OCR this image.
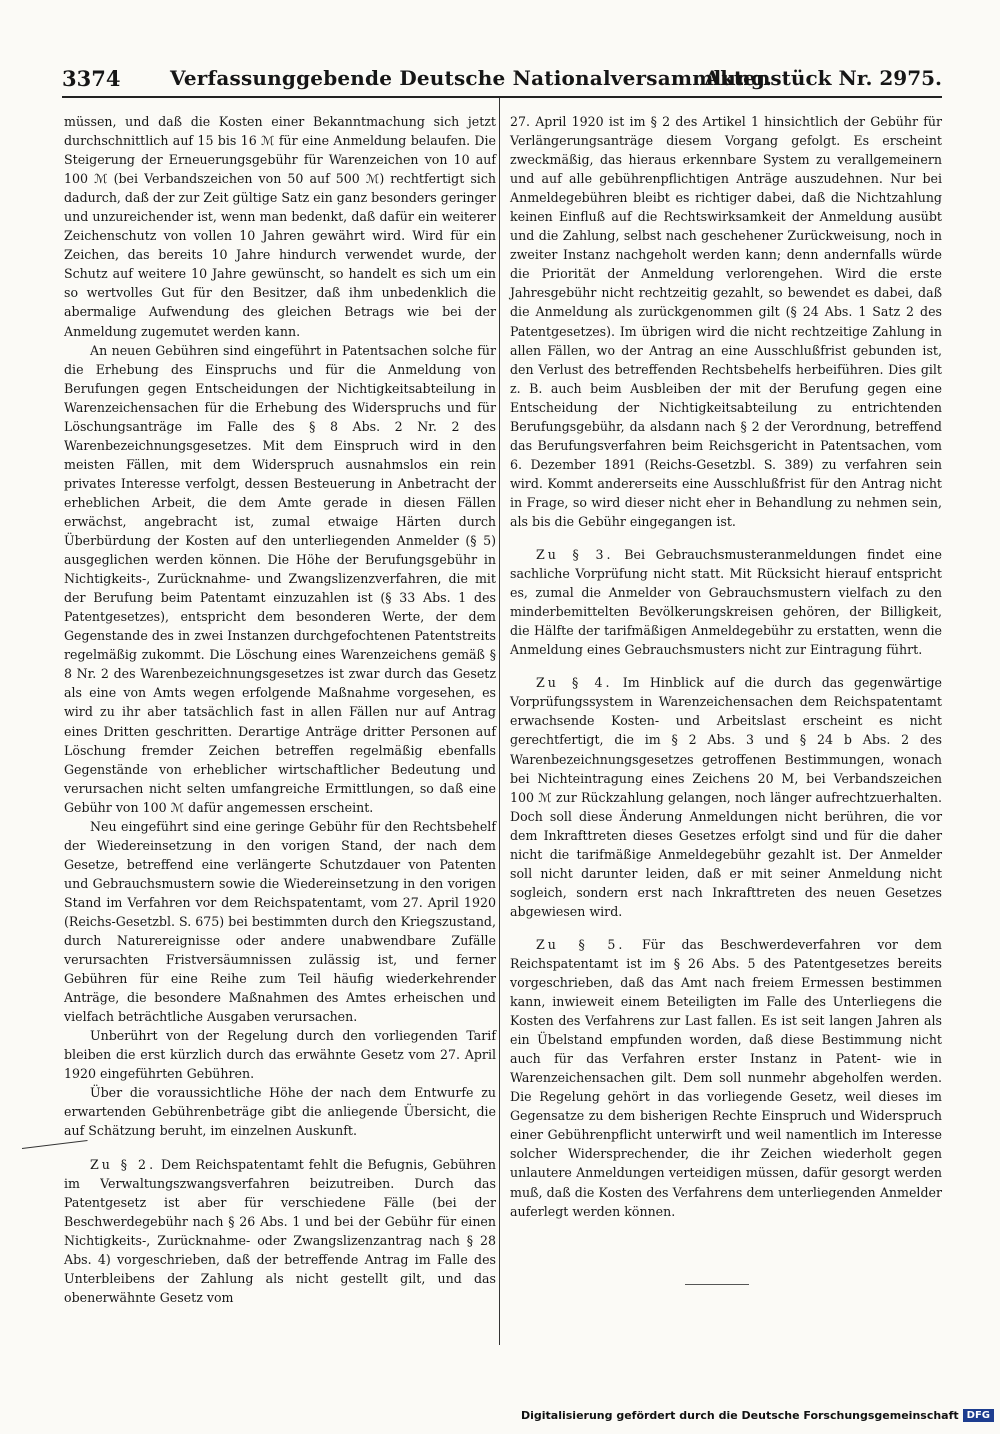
3374 Verfassunggebende Deutsche Nationalversammlung.
Aktenstück Nr. 2975.

müssen, und daß die Kosten einer Bekanntmachung sich jetzt durchschnittlich auf 15 bis 16 ℳ für eine Anmeldung belaufen. Die Steigerung der Erneuerungsgebühr für Warenzeichen von 10 auf 100 ℳ (bei Verbandszeichen von 50 auf 500 ℳ) rechtfertigt sich dadurch, daß der zur Zeit gültige Satz ein ganz besonders geringer und unzureichender ist, wenn man bedenkt, daß dafür ein weiterer Zeichenschutz von vollen 10 Jahren gewährt wird. Wird für ein Zeichen, das bereits 10 Jahre hindurch verwendet wurde, der Schutz auf weitere 10 Jahre gewünscht, so handelt es sich um ein so wertvolles Gut für den Besitzer, daß ihm unbedenklich die abermalige Aufwendung des gleichen Betrags wie bei der Anmeldung zugemutet werden kann.

An neuen Gebühren sind eingeführt in Patentsachen solche für die Erhebung des Einspruchs und für die Anmeldung von Berufungen gegen Entscheidungen der Nichtigkeitsabteilung in Warenzeichensachen für die Erhebung des Widerspruchs und für Löschungsanträge im Falle des § 8 Abs. 2 Nr. 2 des Warenbezeichnungsgesetzes. Mit dem Einspruch wird in den meisten Fällen, mit dem Widerspruch ausnahmslos ein rein privates Interesse verfolgt, dessen Besteuerung in Anbetracht der erheblichen Arbeit, die dem Amte gerade in diesen Fällen erwächst, angebracht ist, zumal etwaige Härten durch Überbürdung der Kosten auf den unterliegenden Anmelder (§ 5) ausgeglichen werden können. Die Höhe der Berufungsgebühr in Nichtigkeits-, Zurücknahme- und Zwangslizenzverfahren, die mit der Berufung beim Patentamt einzuzahlen ist (§ 33 Abs. 1 des Patentgesetzes), entspricht dem besonderen Werte, der dem Gegenstande des in zwei Instanzen durchgefochtenen Patentstreits regelmäßig zukommt. Die Löschung eines Warenzeichens gemäß § 8 Nr. 2 des Warenbezeichnungsgesetzes ist zwar durch das Gesetz als eine von Amts wegen erfolgende Maßnahme vorgesehen, es wird zu ihr aber tatsächlich fast in allen Fällen nur auf Antrag eines Dritten geschritten. Derartige Anträge dritter Personen auf Löschung fremder Zeichen betreffen regelmäßig ebenfalls Gegenstände von erheblicher wirtschaftlicher Bedeutung und verursachen nicht selten umfangreiche Ermittlungen, so daß eine Gebühr von 100 ℳ dafür angemessen erscheint.

Neu eingeführt sind eine geringe Gebühr für den Rechtsbehelf der Wiedereinsetzung in den vorigen Stand, der nach dem Gesetze, betreffend eine verlängerte Schutzdauer von Patenten und Gebrauchsmustern sowie die Wiedereinsetzung in den vorigen Stand im Verfahren vor dem Reichspatentamt, vom 27. April 1920 (Reichs-Gesetzbl. S. 675) bei bestimmten durch den Kriegszustand, durch Naturereignisse oder andere unabwendbare Zufälle verursachten Fristversäumnissen zulässig ist, und ferner Gebühren für eine Reihe zum Teil häufig wiederkehrender Anträge, die besondere Maßnahmen des Amtes erheischen und vielfach beträchtliche Ausgaben verursachen.

Unberührt von der Regelung durch den vorliegenden Tarif bleiben die erst kürzlich durch das erwähnte Gesetz vom 27. April 1920 eingeführten Gebühren.

Über die voraussichtliche Höhe der nach dem Entwurfe zu erwartenden Gebührenbeträge gibt die anliegende Übersicht, die auf Schätzung beruht, im einzelnen Auskunft.

Zu § 2. Dem Reichspatentamt fehlt die Befugnis, Gebühren im Verwaltungszwangsverfahren beizutreiben. Durch das Patentgesetz ist aber für verschiedene Fälle (bei der Beschwerdegebühr nach § 26 Abs. 1 und bei der Gebühr für einen Nichtigkeits-, Zurücknahme- oder Zwangslizenzantrag nach § 28 Abs. 4) vorgeschrieben, daß der betreffende Antrag im Falle des Unterbleibens der Zahlung als nicht gestellt gilt, und das obenerwähnte Gesetz vom

27. April 1920 ist im § 2 des Artikel 1 hinsichtlich der Gebühr für Verlängerungsanträge diesem Vorgang gefolgt. Es erscheint zweckmäßig, das hieraus erkennbare System zu verallgemeinern und auf alle gebührenpflichtigen Anträge auszudehnen. Nur bei Anmeldegebühren bleibt es richtiger dabei, daß die Nichtzahlung keinen Einfluß auf die Rechtswirksamkeit der Anmeldung ausübt und die Zahlung, selbst nach geschehener Zurückweisung, noch in zweiter Instanz nachgeholt werden kann; denn andernfalls würde die Priorität der Anmeldung verlorengehen. Wird die erste Jahresgebühr nicht rechtzeitig gezahlt, so bewendet es dabei, daß die Anmeldung als zurückgenommen gilt (§ 24 Abs. 1 Satz 2 des Patentgesetzes). Im übrigen wird die nicht rechtzeitige Zahlung in allen Fällen, wo der Antrag an eine Ausschlußfrist gebunden ist, den Verlust des betreffenden Rechtsbehelfs herbeiführen. Dies gilt z. B. auch beim Ausbleiben der mit der Berufung gegen eine Entscheidung der Nichtigkeitsabteilung zu entrichtenden Berufungsgebühr, da alsdann nach § 2 der Verordnung, betreffend das Berufungsverfahren beim Reichsgericht in Patentsachen, vom 6. Dezember 1891 (Reichs-Gesetzbl. S. 389) zu verfahren sein wird. Kommt andererseits eine Ausschlußfrist für den Antrag nicht in Frage, so wird dieser nicht eher in Behandlung zu nehmen sein, als bis die Gebühr eingegangen ist.

Zu § 3. Bei Gebrauchsmusteranmeldungen findet eine sachliche Vorprüfung nicht statt. Mit Rücksicht hierauf entspricht es, zumal die Anmelder von Gebrauchsmustern vielfach zu den minderbemittelten Bevölkerungskreisen gehören, der Billigkeit, die Hälfte der tarifmäßigen Anmeldegebühr zu erstatten, wenn die Anmeldung eines Gebrauchsmusters nicht zur Eintragung führt.

Zu § 4. Im Hinblick auf die durch das gegenwärtige Vorprüfungssystem in Warenzeichensachen dem Reichspatentamt erwachsende Kosten- und Arbeitslast erscheint es nicht gerechtfertigt, die im § 2 Abs. 3 und § 24 b Abs. 2 des Warenbezeichnungsgesetzes getroffenen Bestimmungen, wonach bei Nichteintragung eines Zeichens 20 M, bei Verbandszeichen 100 ℳ zur Rückzahlung gelangen, noch länger aufrechtzuerhalten. Doch soll diese Änderung Anmeldungen nicht berühren, die vor dem Inkrafttreten dieses Gesetzes erfolgt sind und für die daher nicht die tarifmäßige Anmeldegebühr gezahlt ist. Der Anmelder soll nicht darunter leiden, daß er mit seiner Anmeldung nicht sogleich, sondern erst nach Inkrafttreten des neuen Gesetzes abgewiesen wird.

Zu § 5. Für das Beschwerdeverfahren vor dem Reichspatentamt ist im § 26 Abs. 5 des Patentgesetzes bereits vorgeschrieben, daß das Amt nach freiem Ermessen bestimmen kann, inwieweit einem Beteiligten im Falle des Unterliegens die Kosten des Verfahrens zur Last fallen. Es ist seit langen Jahren als ein Übelstand empfunden worden, daß diese Bestimmung nicht auch für das Verfahren erster Instanz in Patent- wie in Warenzeichensachen gilt. Dem soll nunmehr abgeholfen werden. Die Regelung gehört in das vorliegende Gesetz, weil dieses im Gegensatze zu dem bisherigen Rechte Einspruch und Widerspruch einer Gebührenpflicht unterwirft und weil namentlich im Interesse solcher Widersprechender, die ihr Zeichen wiederholt gegen unlautere Anmeldungen verteidigen müssen, dafür gesorgt werden muß, daß die Kosten des Verfahrens dem unterliegenden Anmelder auferlegt werden können.

Digitalisierung gefördert durch die Deutsche Forschungsgemeinschaft DFG
